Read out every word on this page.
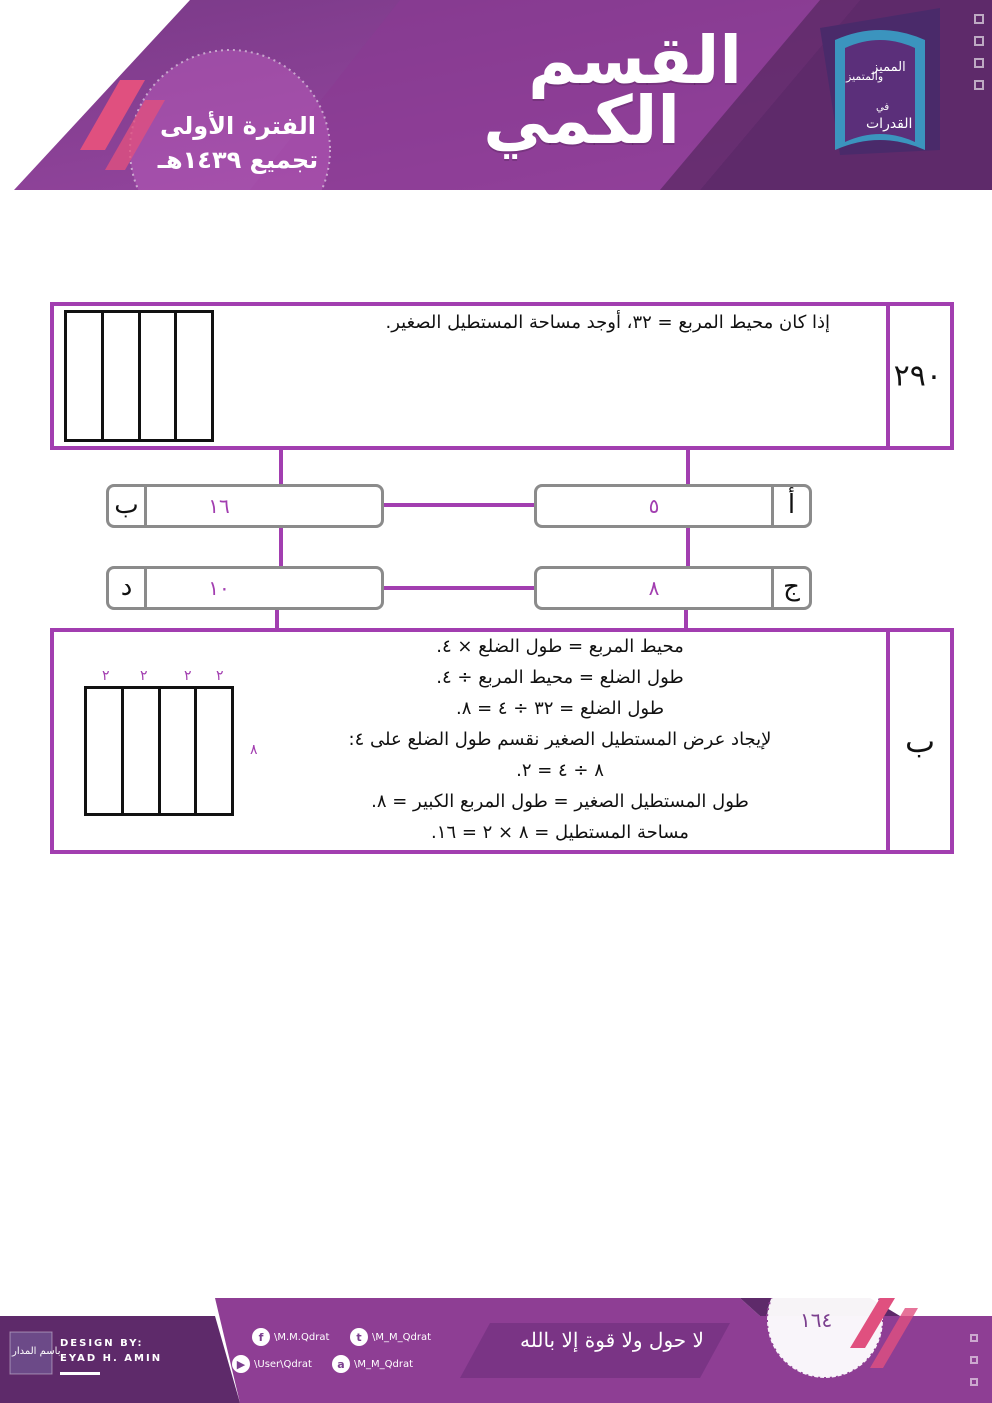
القسم
الكمي
الفترة الأولى
تجميع ١٤٣٩هـ
المميز
والمتميز
في
القدرات
٢٩٠
إذا كان محيط المربع = ٣٢، أوجد مساحة المستطيل الصغير.
أ
٥
ب	١٦
ج
٨
د	١٠
ب
محيط المربع = طول الضلع × ٤.
طول الضلع = محيط المربع ÷ ٤.
طول الضلع = ٣٢ ÷ ٤ = ٨.
لإيجاد عرض المستطيل الصغير نقسم طول الضلع على ٤:
٨ ÷ ٤ = ٢.
طول المستطيل الصغير = طول المربع الكبير = ٨.
مساحة المستطيل = ٨ × ٢ = ١٦.
٢ ٢	٢ ٢
٨
DESIGN BY:
EYAD H. AMIN
باسم المدار
f	\M.M.Qdrat	t	\M_M_Qdrat
▶ \User\Qdrat	a \M_M_Qdrat
لا حول ولا قوة إلا بالله
١٦٤
